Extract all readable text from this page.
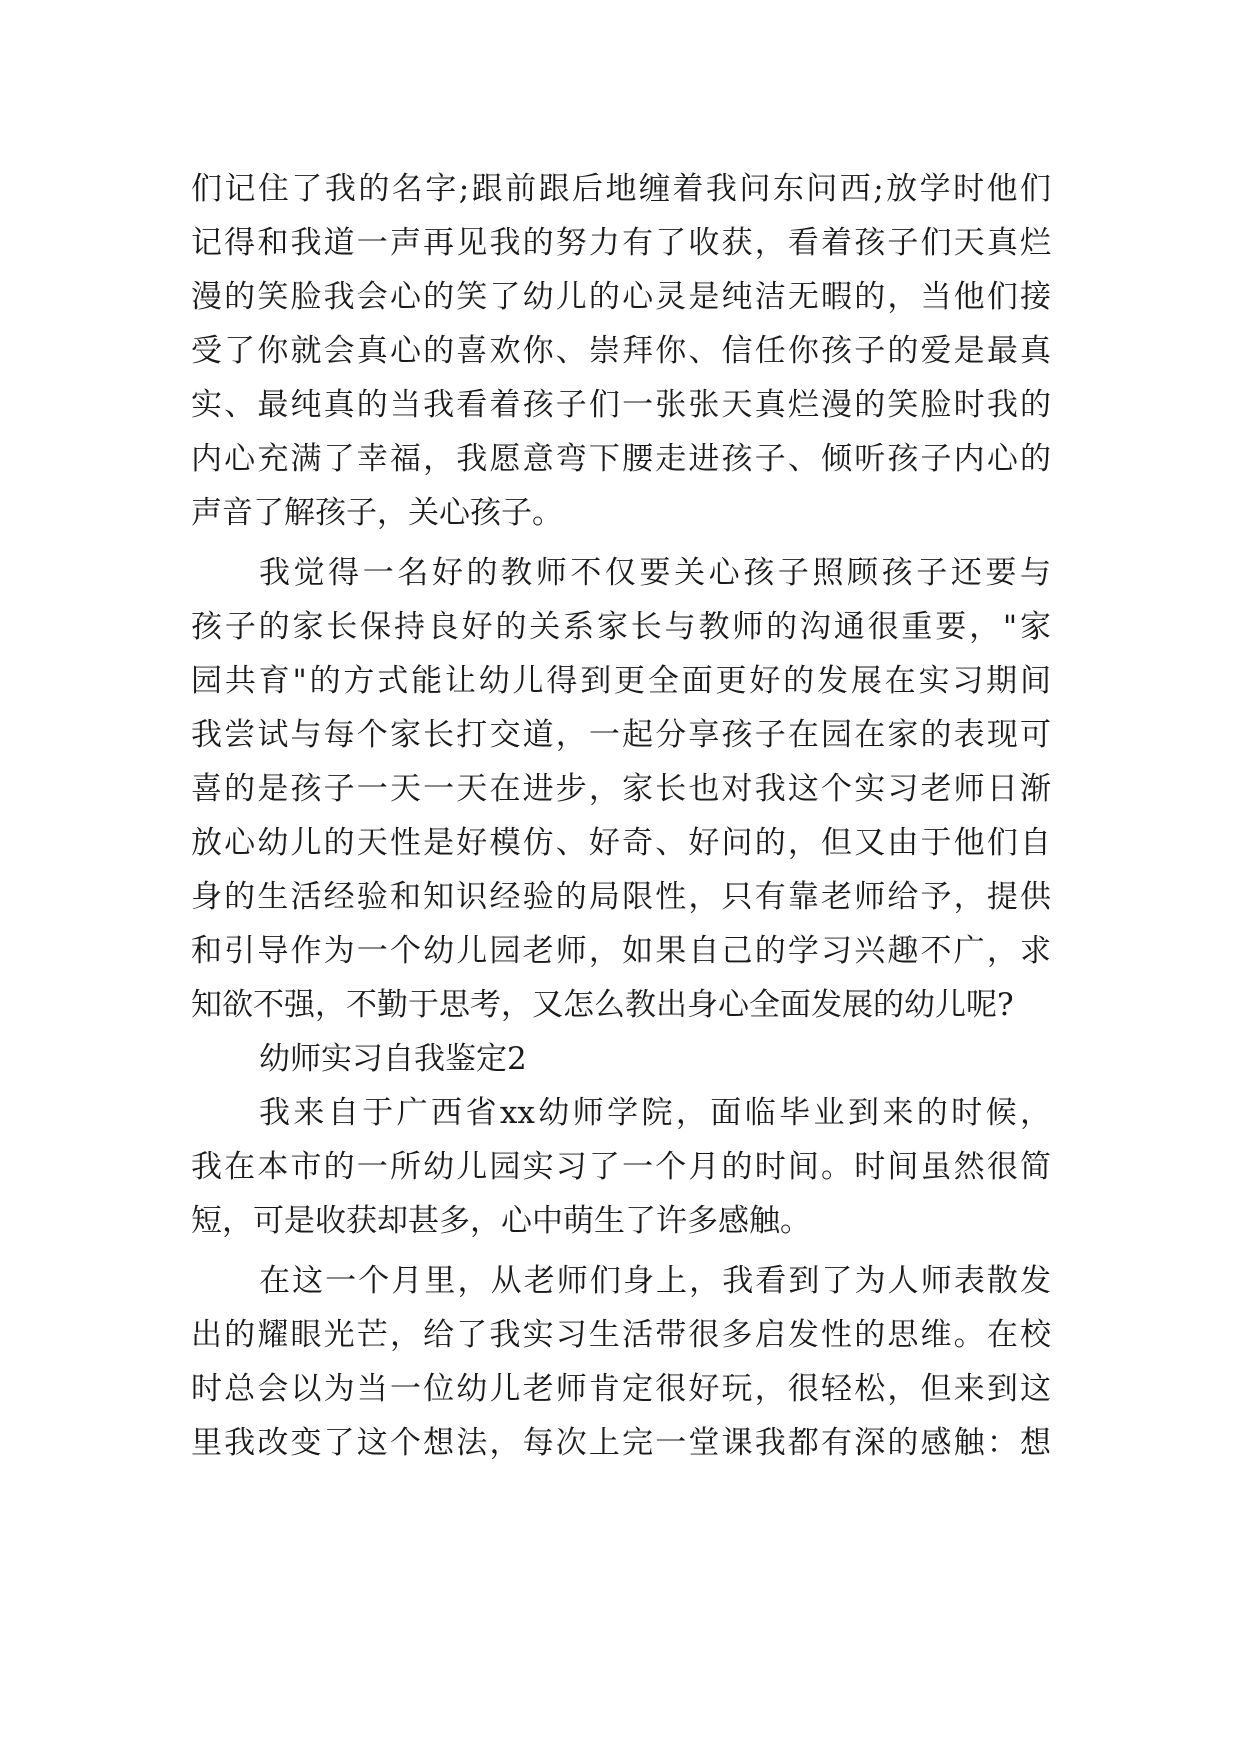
们记住了我的名字;跟前跟后地缠着我问东问西;放学时他们
记得和我道一声再见我的努力有了收获，看着孩子们天真烂
漫的笑脸我会心的笑了幼儿的心灵是纯洁无暇的，当他们接
受了你就会真心的喜欢你、崇拜你、信任你孩子的爱是最真
实、最纯真的当我看着孩子们一张张天真烂漫的笑脸时我的
内心充满了幸福，我愿意弯下腰走进孩子、倾听孩子内心的
声音了解孩子，关心孩子。
我觉得一名好的教师不仅要关心孩子照顾孩子还要与
孩子的家长保持良好的关系家长与教师的沟通很重要，"家
园共育"的方式能让幼儿得到更全面更好的发展在实习期间
我尝试与每个家长打交道，一起分享孩子在园在家的表现可
喜的是孩子一天一天在进步，家长也对我这个实习老师日渐
放心幼儿的天性是好模仿、好奇、好问的，但又由于他们自
身的生活经验和知识经验的局限性，只有靠老师给予，提供
和引导作为一个幼儿园老师，如果自己的学习兴趣不广，求
知欲不强，不勤于思考，又怎么教出身心全面发展的幼儿呢?
幼师实习自我鉴定2
我来自于广西省xx幼师学院，面临毕业到来的时候，
我在本市的一所幼儿园实习了一个月的时间。时间虽然很简
短，可是收获却甚多，心中萌生了许多感触。
在这一个月里，从老师们身上，我看到了为人师表散发
出的耀眼光芒，给了我实习生活带很多启发性的思维。在校
时总会以为当一位幼儿老师肯定很好玩，很轻松，但来到这
里我改变了这个想法，每次上完一堂课我都有深的感触：想
